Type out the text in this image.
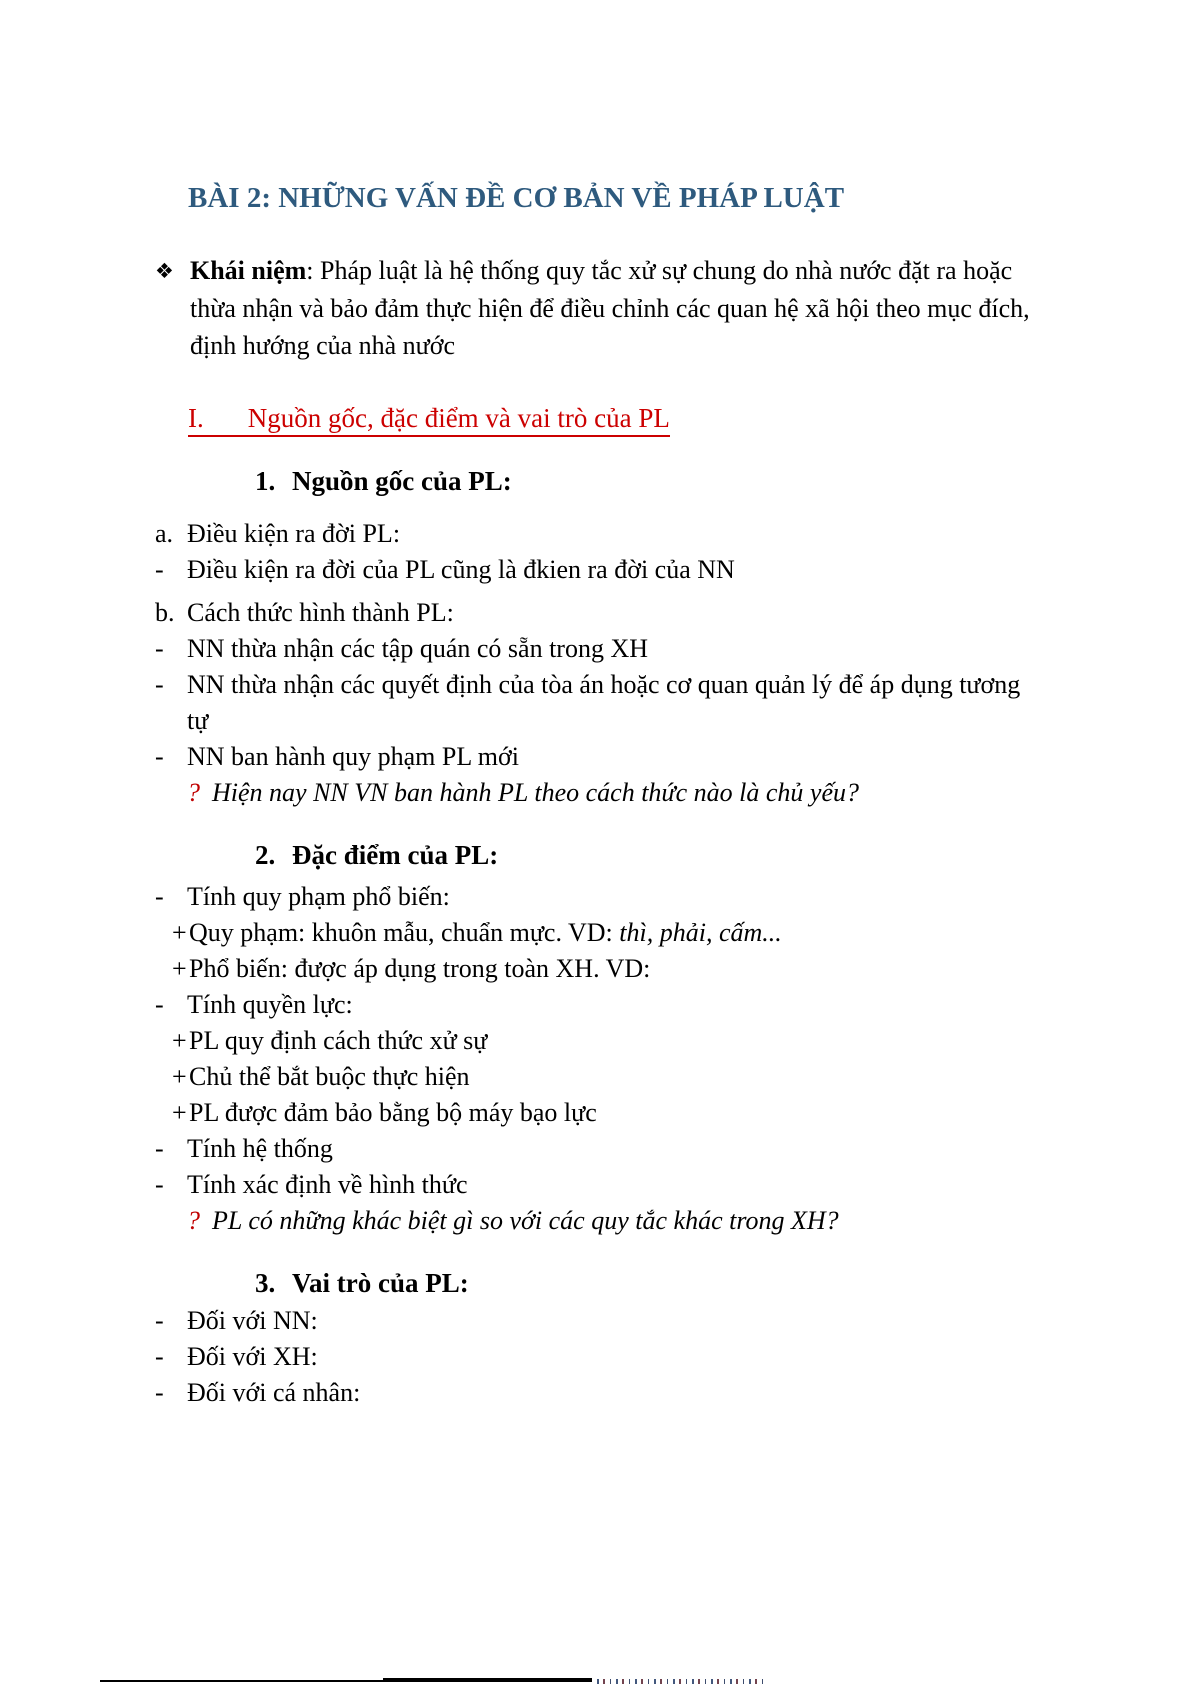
BÀI 2: NHỮNG VẤN ĐỀ CƠ BẢN VỀ PHÁP LUẬT
❖ Khái niệm: Pháp luật là hệ thống quy tắc xử sự chung do nhà nước đặt ra hoặc thừa nhận và bảo đảm thực hiện để điều chỉnh các quan hệ xã hội theo mục đích, định hướng của nhà nước

I. Nguồn gốc, đặc điểm và vai trò của PL
1. Nguồn gốc của PL:
a. Điều kiện ra đời PL:
- Điều kiện ra đời của PL cũng là đkien ra đời của NN
b. Cách thức hình thành PL:
- NN thừa nhận các tập quán có sẵn trong XH
- NN thừa nhận các quyết định của tòa án hoặc cơ quan quản lý để áp dụng tương tự
- NN ban hành quy phạm PL mới
? Hiện nay NN VN ban hành PL theo cách thức nào là chủ yếu?
2. Đặc điểm của PL:
- Tính quy phạm phổ biến:
+ Quy phạm: khuôn mẫu, chuẩn mực. VD: thì, phải, cấm...
+ Phổ biến: được áp dụng trong toàn XH. VD:
- Tính quyền lực:
+ PL quy định cách thức xử sự
+ Chủ thể bắt buộc thực hiện
+ PL được đảm bảo bằng bộ máy bạo lực
- Tính hệ thống
- Tính xác định về hình thức
? PL có những khác biệt gì so với các quy tắc khác trong XH?
3. Vai trò của PL:
- Đối với NN:
- Đối với XH:
- Đối với cá nhân:
